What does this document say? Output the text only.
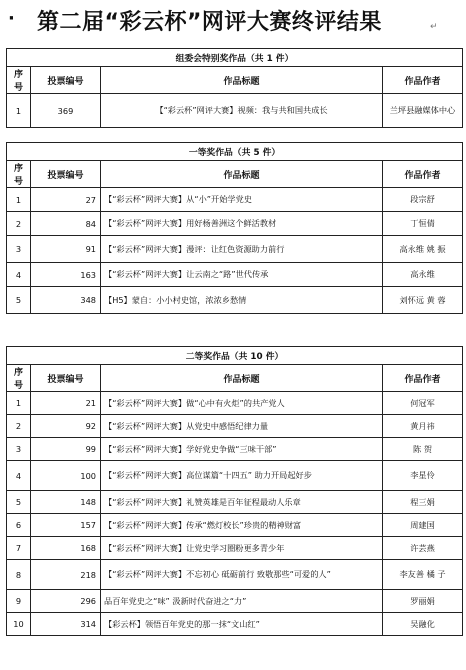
· 第二届“彩云杯”网评大赛终评结果	↵
组委会特别奖作品（共 1 件）			
序号	投票编号	作品标题	作品作者
1	369	【“彩云杯”网评大赛】视频：我与共和国共成长	兰坪县融媒体中心
一等奖作品（共 5 件）			
序号	投票编号	作品标题	作品作者
1	27	【“彩云杯”网评大赛】从“小”开始学党史	段宗舒
2	84	【“彩云杯”网评大赛】用好杨善洲这个鲜活教材	丁恒倩
3	91	【“彩云杯”网评大赛】漫评：让红色资源助力前行	高永维 姚 振
4	163	【“彩云杯”网评大赛】让云南之“路”世代传承	高永维
5	348	【H5】蒙自：小小村史馆，浓浓乡愁情	刘怀远 黄 蓉
二等奖作品（共 10 件）			
序号	投票编号	作品标题	作品作者
1	21	【“彩云杯”网评大赛】做“心中有火炬”的共产党人	何冠军
2	92	【“彩云杯”网评大赛】从党史中感悟纪律力量	黄月祎
3	99	【“彩云杯”网评大赛】学好党史争做“三味干部”	陈 贺
4	100	【“彩云杯”网评大赛】高位谋篇“十四五” 助力开局起好步	李星伶
5	148	【“彩云杯”网评大赛】礼赞英雄是百年征程最动人乐章	程三娟
6	157	【“彩云杯”网评大赛】传承“燃灯校长”珍贵的精神财富	周建国
7	168	【“彩云杯”网评大赛】让党史学习圈粉更多青少年	许芸燕
8	218	【“彩云杯”网评大赛】不忘初心 砥砺前行 致敬那些“可爱的人”	李友善 橘 子
9	296	品百年党史之“味” 汲新时代奋进之“力”	罗丽娟
10	314	【彩云杯】领悟百年党史的那一抹“文山红”	吴融化
